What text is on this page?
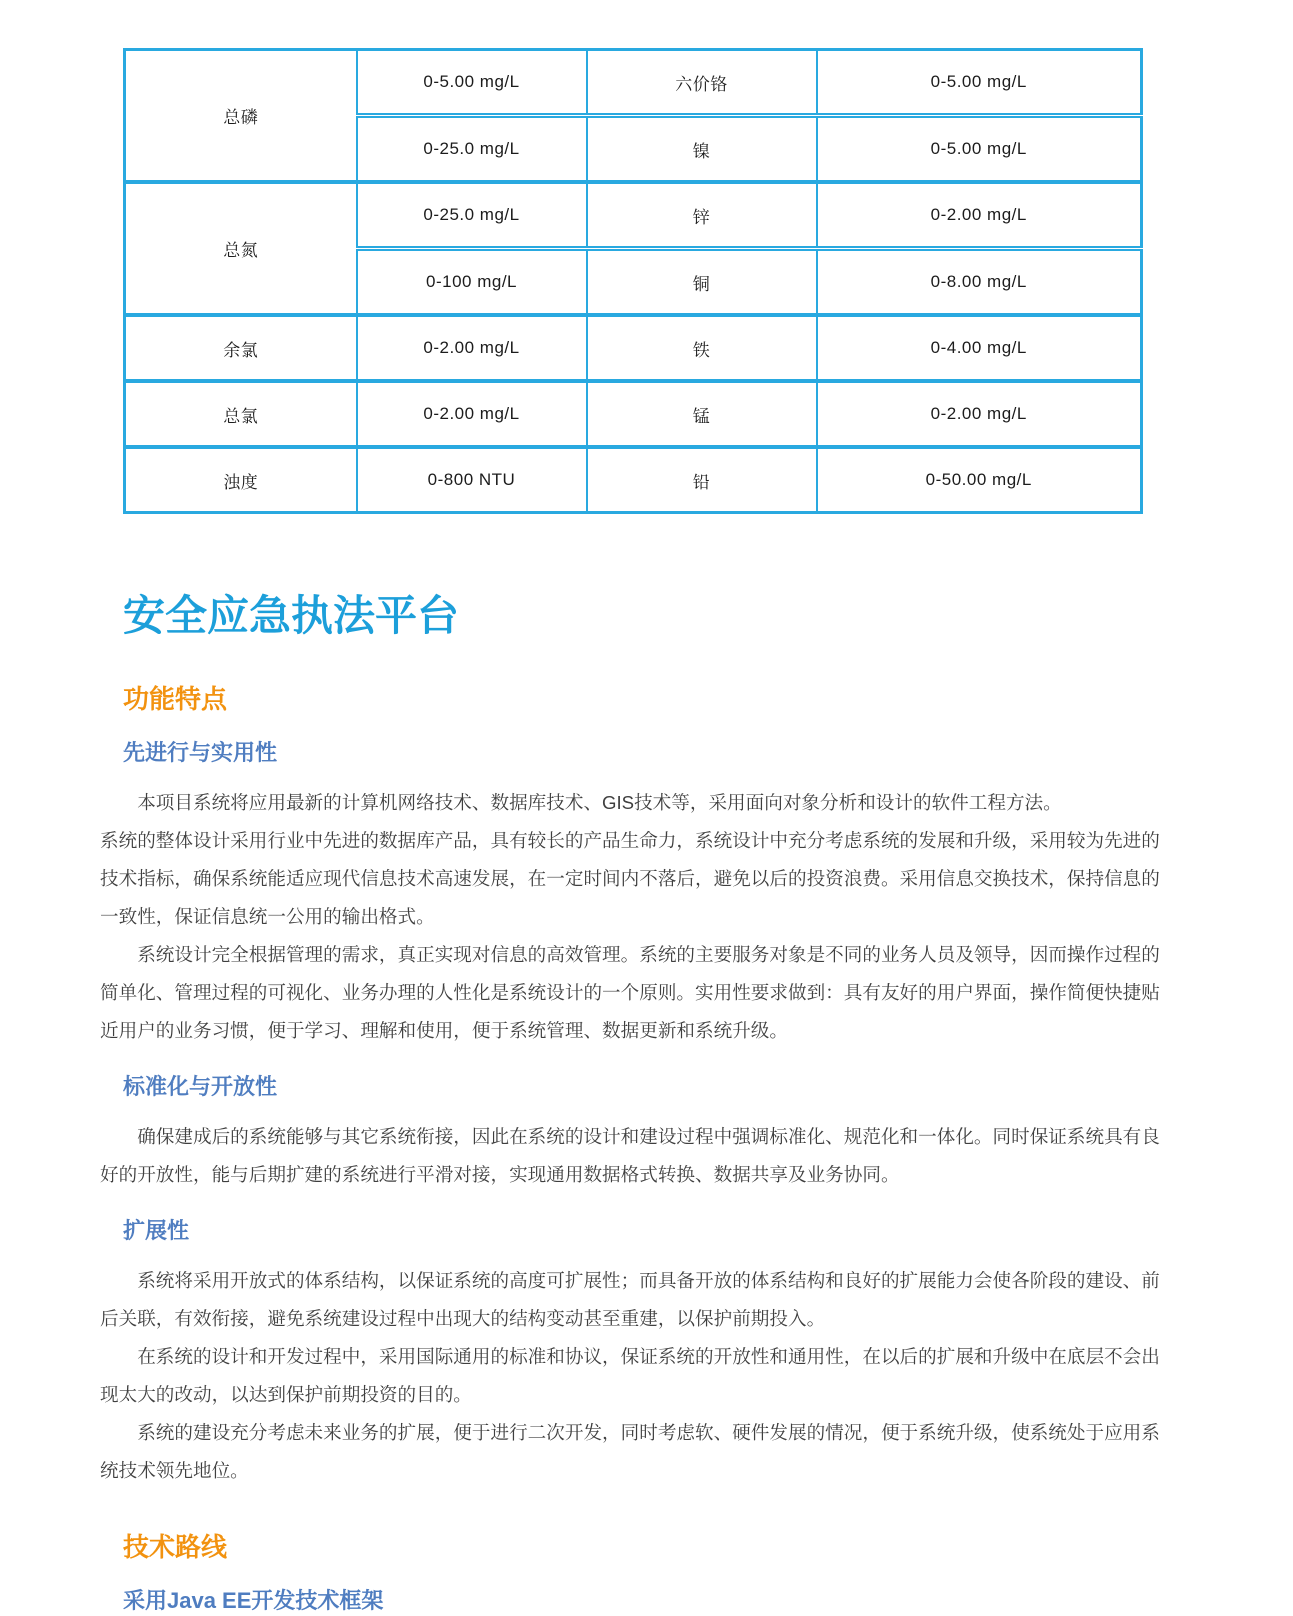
总磷	0-5.00 mg/L	六价铬	0-5.00 mg/L
	0-25.0 mg/L	镍	0-5.00 mg/L
总氮	0-25.0 mg/L	锌	0-2.00 mg/L
	0-100 mg/L	铜	0-8.00 mg/L
余氯	0-2.00 mg/L	铁	0-4.00 mg/L
总氯	0-2.00 mg/L	锰	0-2.00 mg/L
浊度	0-800 NTU	铅	0-50.00 mg/L
安全应急执法平台
功能特点
先进行与实用性

本项目系统将应用最新的计算机网络技术、数据库技术、GIS技术等，采用面向对象分析和设计的软件工程方法。

系统的整体设计采用行业中先进的数据库产品，具有较长的产品生命力，系统设计中充分考虑系统的发展和升级，采用较为先进的技术指标，确保系统能适应现代信息技术高速发展，在一定时间内不落后，避免以后的投资浪费。采用信息交换技术，保持信息的一致性，保证信息统一公用的输出格式。

系统设计完全根据管理的需求，真正实现对信息的高效管理。系统的主要服务对象是不同的业务人员及领导，因而操作过程的简单化、管理过程的可视化、业务办理的人性化是系统设计的一个原则。实用性要求做到：具有友好的用户界面，操作简便快捷贴近用户的业务习惯，便于学习、理解和使用，便于系统管理、数据更新和系统升级。

标准化与开放性

确保建成后的系统能够与其它系统衔接，因此在系统的设计和建设过程中强调标准化、规范化和一体化。同时保证系统具有良好的开放性，能与后期扩建的系统进行平滑对接，实现通用数据格式转换、数据共享及业务协同。

扩展性

系统将采用开放式的体系结构，以保证系统的高度可扩展性；而具备开放的体系结构和良好的扩展能力会使各阶段的建设、前后关联，有效衔接，避免系统建设过程中出现大的结构变动甚至重建，以保护前期投入。

在系统的设计和开发过程中，采用国际通用的标准和协议，保证系统的开放性和通用性，在以后的扩展和升级中在底层不会出现太大的改动，以达到保护前期投资的目的。

系统的建设充分考虑未来业务的扩展，便于进行二次开发，同时考虑软、硬件发展的情况，便于系统升级，使系统处于应用系统技术领先地位。

技术路线
采用Java EE开发技术框架
